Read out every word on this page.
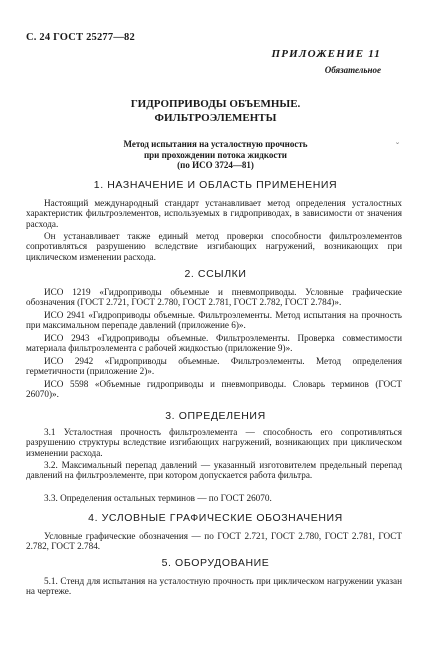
С. 24 ГОСТ 25277—82
ПРИЛОЖЕНИЕ 11
Обязательное
ГИДРОПРИВОДЫ ОБЪЕМНЫЕ.
ФИЛЬТРОЭЛЕМЕНТЫ
Метод испытания на усталостную прочность
при прохождении потока жидкости
(по ИСО 3724—81)
˘
1. НАЗНАЧЕНИЕ И ОБЛАСТЬ ПРИМЕНЕНИЯ

Настоящий международный стандарт устанавливает метод определения усталостных характеристик фильтроэлементов, используемых в гидроприводах, в зависимости от значения расхода.

Он устанавливает также единый метод проверки способности фильтроэлементов сопротивляться разрушению вследствие изгибающих нагружений, возникающих при циклическом изменении расхода.

2. ССЫЛКИ

ИСО 1219 «Гидроприводы объемные и пневмоприводы. Условные графические обозначения (ГОСТ 2.721, ГОСТ 2.780, ГОСТ 2.781, ГОСТ 2.782, ГОСТ 2.784)».

ИСО 2941 «Гидроприводы объемные. Фильтроэлементы. Метод испытания на прочность при максимальном перепаде давлений (приложение 6)».

ИСО 2943 «Гидроприводы объемные. Фильтроэлементы. Проверка совместимости материала фильтроэлемента с рабочей жидкостью (приложение 9)».

ИСО 2942 «Гидроприводы объемные. Фильтроэлементы. Метод определения герметичности (приложение 2)».

ИСО 5598 «Объемные гидроприводы и пневмоприводы. Словарь терминов (ГОСТ 26070)».

3. ОПРЕДЕЛЕНИЯ

3.1 Усталостная прочность фильтроэлемента — способность его сопротивляться разрушению структуры вследствие изгибающих нагружений, возникающих при циклическом изменении расхода.

3.2. Максимальный перепад давлений — указанный изготовителем предельный перепад давлений на фильтроэлементе, при котором допускается работа фильтра.

3.3. Определения остальных терминов — по ГОСТ 26070.

4. УСЛОВНЫЕ ГРАФИЧЕСКИЕ ОБОЗНАЧЕНИЯ

Условные графические обозначения — по ГОСТ 2.721, ГОСТ 2.780, ГОСТ 2.781, ГОСТ 2.782, ГОСТ 2.784.

5. ОБОРУДОВАНИЕ

5.1. Стенд для испытания на усталостную прочность при циклическом нагружении указан на чертеже.
